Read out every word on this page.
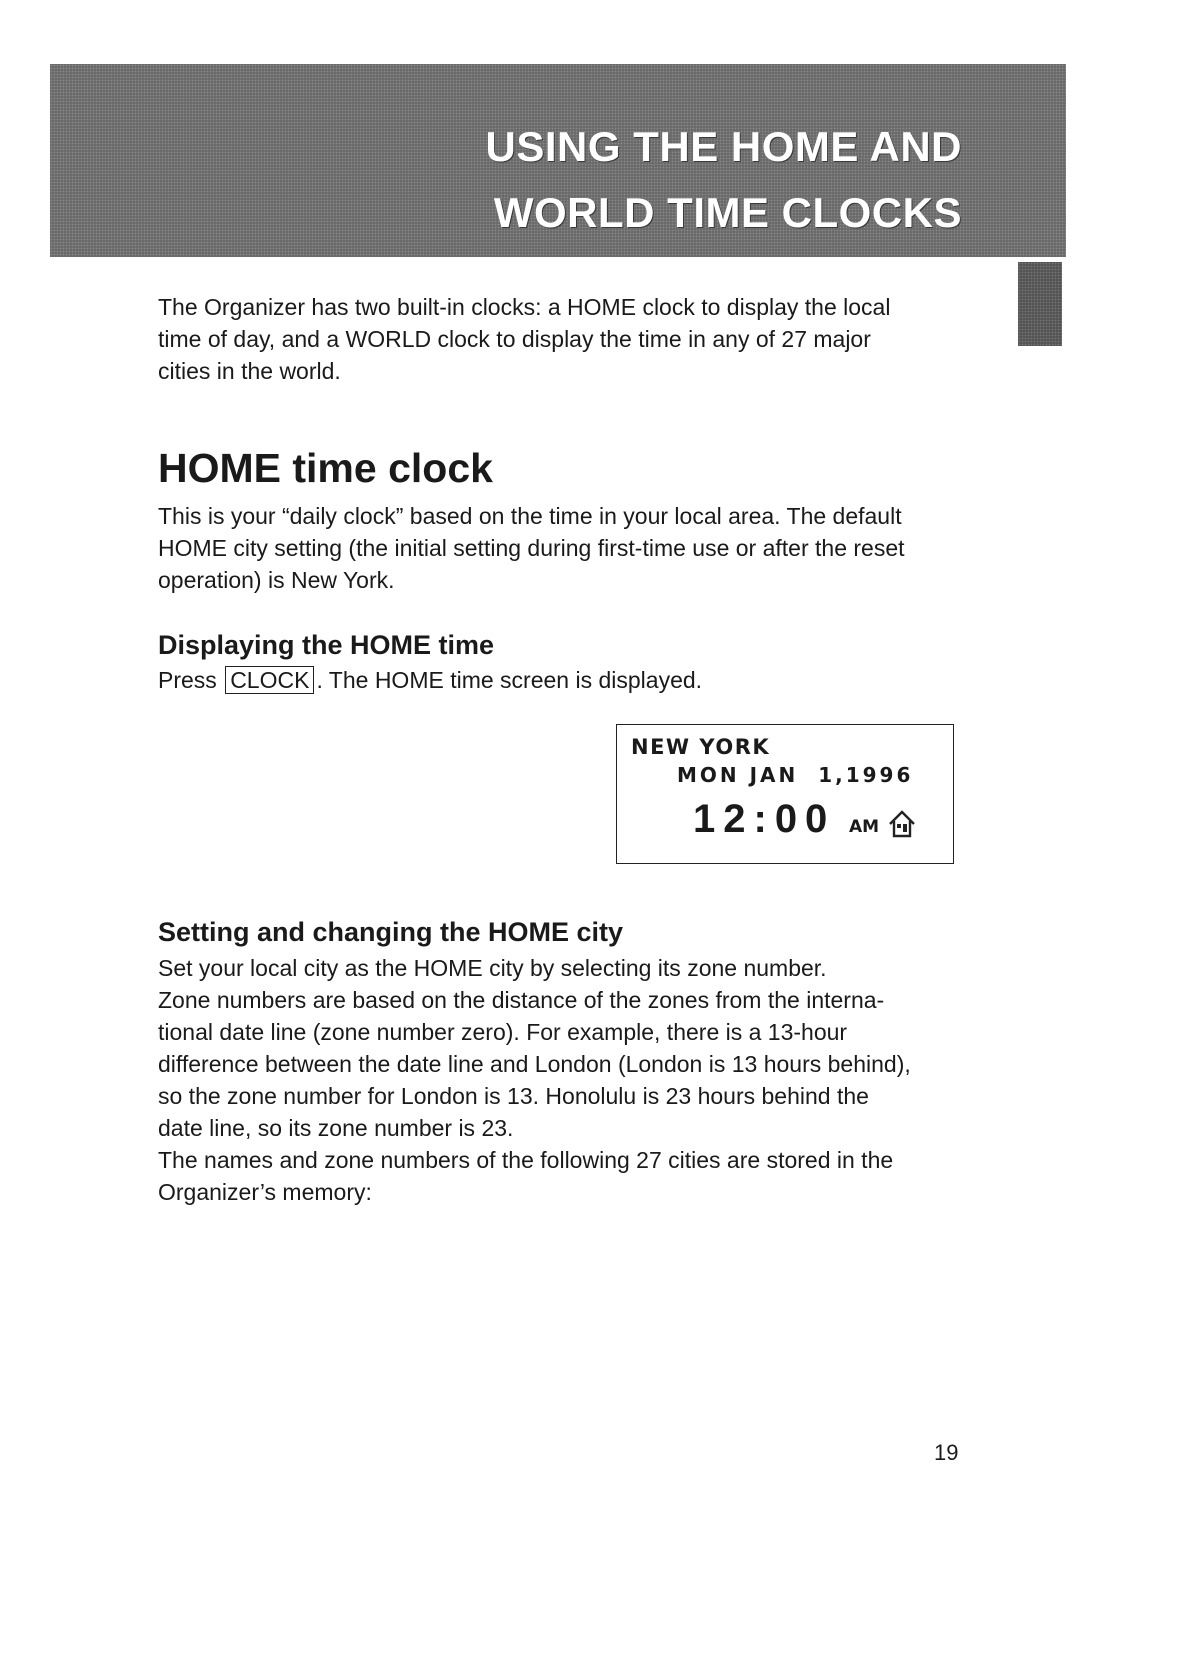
USING THE HOME AND
WORLD TIME CLOCKS

The Organizer has two built-in clocks: a HOME clock to display the local
time of day, and a WORLD clock to display the time in any of 27 major
cities in the world.

HOME time clock

This is your “daily clock” based on the time in your local area. The default
HOME city setting (the initial setting during first-time use or after the reset
operation) is New York.

Displaying the HOME time

Press CLOCK . The HOME time screen is displayed.

NEW YORK
MON JAN  1,1996
12:00 AM
Setting and changing the HOME city

Set your local city as the HOME city by selecting its zone number.
Zone numbers are based on the distance of the zones from the interna-
tional date line (zone number zero). For example, there is a 13-hour
difference between the date line and London (London is 13 hours behind),
so the zone number for London is 13. Honolulu is 23 hours behind the
date line, so its zone number is 23.
The names and zone numbers of the following 27 cities are stored in the
Organizer’s memory:

19
